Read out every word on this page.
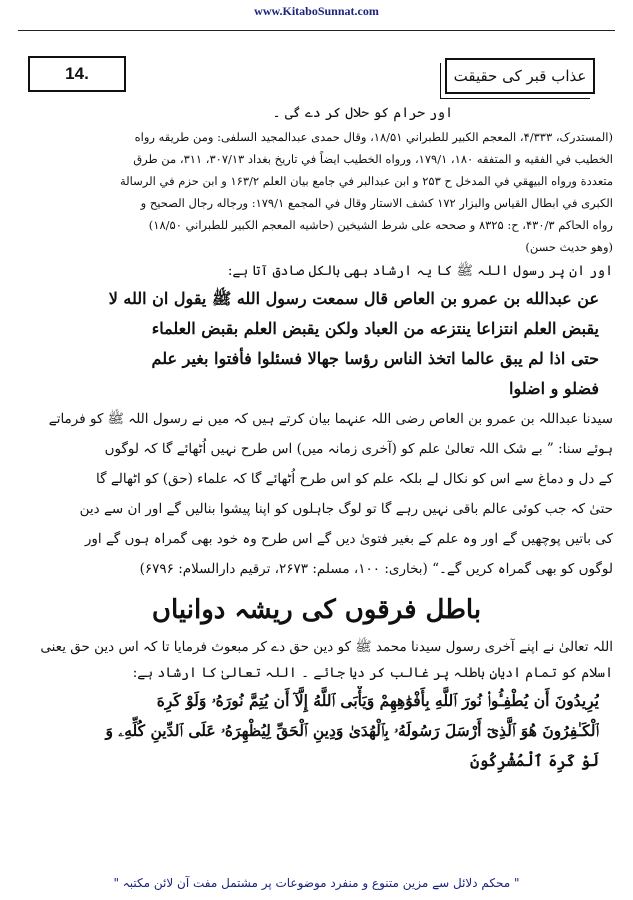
www.KitaboSunnat.com
14 .	عذاب قبر کی حقیقت

اور حرام کو حلال کر دے گی ۔

(المستدرک، ۴/۳۳۳، المعجم الكبير للطبراني ۱۸/۵۱، وقال حمدی عبدالمجيد السلفی: ومن طريقه رواه

الخطيب في الفقيه و المتفقه ۱۸۰، ۱۷۹/۱، ورواه الخطيب ايضاً في تاريخ بغداد ۳۰۷/۱۳، ۳۱۱، من طرق

متعددة ورواه البيهقي في المدخل ح ۲۵۳ و ابن عبدالبر في جامع بيان العلم ۱۶۳/۲ و ابن حزم في الرسالة

الكبرى في ابطال القياس والبزار ۱۷۲ كشف الاستار وقال في المجمع ۱۷۹/۱: ورجاله رجال الصحيح و

رواه الحاكم ۴۳۰/۳، ح: ۸۳۲۵ و صححه على شرط الشيخين (حاشيه المعجم الكبير للطبراني ۱۸/۵۰)

(وهو حديث حسن)

اور ان پر رسول اللہ ﷺ کا یہ ارشاد بھی بالکل صادق آتا ہے:

عن عبدالله بن عمرو بن العاص قال سمعت رسول الله ﷺ يقول ان الله لا

يقبض العلم انتزاعا ينتزعه من العباد ولكن يقبض العلم بقبض العلماء

حتى اذا لم يبق عالما اتخذ الناس رؤسا جهالا فسئلوا فأفتوا بغير علم

فضلو و اضلوا

سیدنا عبداللہ بن عمرو بن العاص رضی اللہ عنہما بیان کرتے ہیں کہ میں نے رسول اللہ ﷺ کو فرماتے

ہوئے سنا: ” بے شک اللہ تعالیٰ علم کو (آخری زمانہ میں) اس طرح نہیں اُٹھائے گا کہ لوگوں

کے دل و دماغ سے اس کو نکال لے بلکہ علم کو اس طرح اُٹھائے گا کہ علماء (حق) کو اٹھالے گا

حتیٰ کہ جب کوئی عالم باقی نہیں رہے گا تو لوگ جاہلوں کو اپنا پیشوا بنالیں گے اور ان سے دین

کی باتیں پوچھیں گے اور وہ علم کے بغیر فتویٰ دیں گے اس طرح وہ خود بھی گمراہ ہوں گے اور

لوگوں کو بھی گمراہ کریں گے۔“ (بخاری: ۱۰۰، مسلم: ۲۶۷۳، ترقیم دارالسلام: ۶۷۹۶)

باطل فرقوں کی ریشہ دوانیاں

اللہ تعالیٰ نے اپنے آخری رسول سیدنا محمد ﷺ کو دین حق دے کر مبعوث فرمایا تا کہ اس دین حق یعنی

اسلام کو تمام ادیانِ باطلہ پر غالب کر دیا جائے ۔ اللہ تعالیٰ کا ارشاد ہے:

يُرِيدُونَ أَن يُطْفِـُٔوا۟ نُورَ ٱللَّهِ بِأَفْوَٰهِهِمْ وَيَأْبَى ٱللَّهُ إِلَّآ أَن يُتِمَّ نُورَهُۥ وَلَوْ كَرِهَ

ٱلْكَـٰفِرُونَ هُوَ ٱلَّذِىٓ أَرْسَلَ رَسُولَهُۥ بِٱلْهُدَىٰ وَدِينِ ٱلْحَقِّ لِيُظْهِرَهُۥ عَلَى ٱلدِّينِ كُلِّهِۦ وَ

لَوْ كَرِهَ ٱلْمُشْرِكُونَ

" محکم دلائل سے مزین متنوع و منفرد موضوعات پر مشتمل مفت آن لائن مکتبہ "
